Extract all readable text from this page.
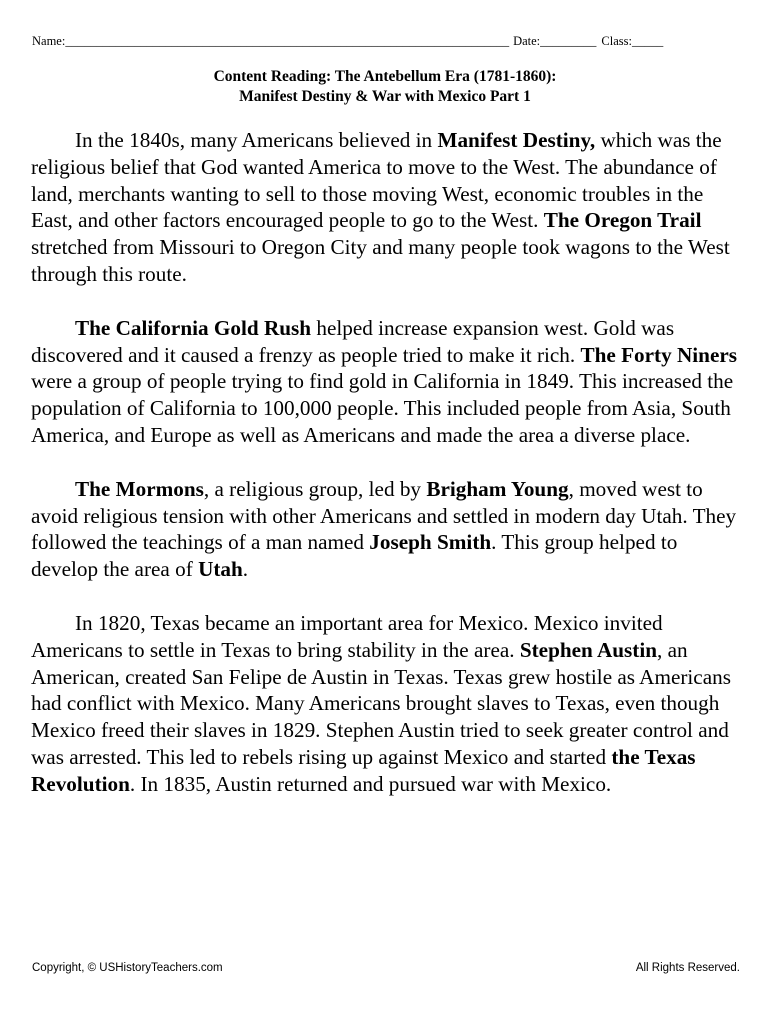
Name: _______________________________________________________________________ Date: _________ Class: _____
Content Reading: The Antebellum Era (1781-1860):
Manifest Destiny & War with Mexico Part 1

In the 1840s, many Americans believed in Manifest Destiny, which was the religious belief that God wanted America to move to the West. The abundance of land, merchants wanting to sell to those moving West, economic troubles in the East, and other factors encouraged people to go to the West. The Oregon Trail stretched from Missouri to Oregon City and many people took wagons to the West through this route.

The California Gold Rush helped increase expansion west. Gold was discovered and it caused a frenzy as people tried to make it rich. The Forty Niners were a group of people trying to find gold in California in 1849. This increased the population of California to 100,000 people. This included people from Asia, South America, and Europe as well as Americans and made the area a diverse place.

The Mormons, a religious group, led by Brigham Young, moved west to avoid religious tension with other Americans and settled in modern day Utah. They followed the teachings of a man named Joseph Smith. This group helped to develop the area of Utah.

In 1820, Texas became an important area for Mexico. Mexico invited Americans to settle in Texas to bring stability in the area. Stephen Austin, an American, created San Felipe de Austin in Texas. Texas grew hostile as Americans had conflict with Mexico. Many Americans brought slaves to Texas, even though Mexico freed their slaves in 1829. Stephen Austin tried to seek greater control and was arrested. This led to rebels rising up against Mexico and started the Texas Revolution. In 1835, Austin returned and pursued war with Mexico.

Copyright, © USHistoryTeachers.com	All Rights Reserved.
